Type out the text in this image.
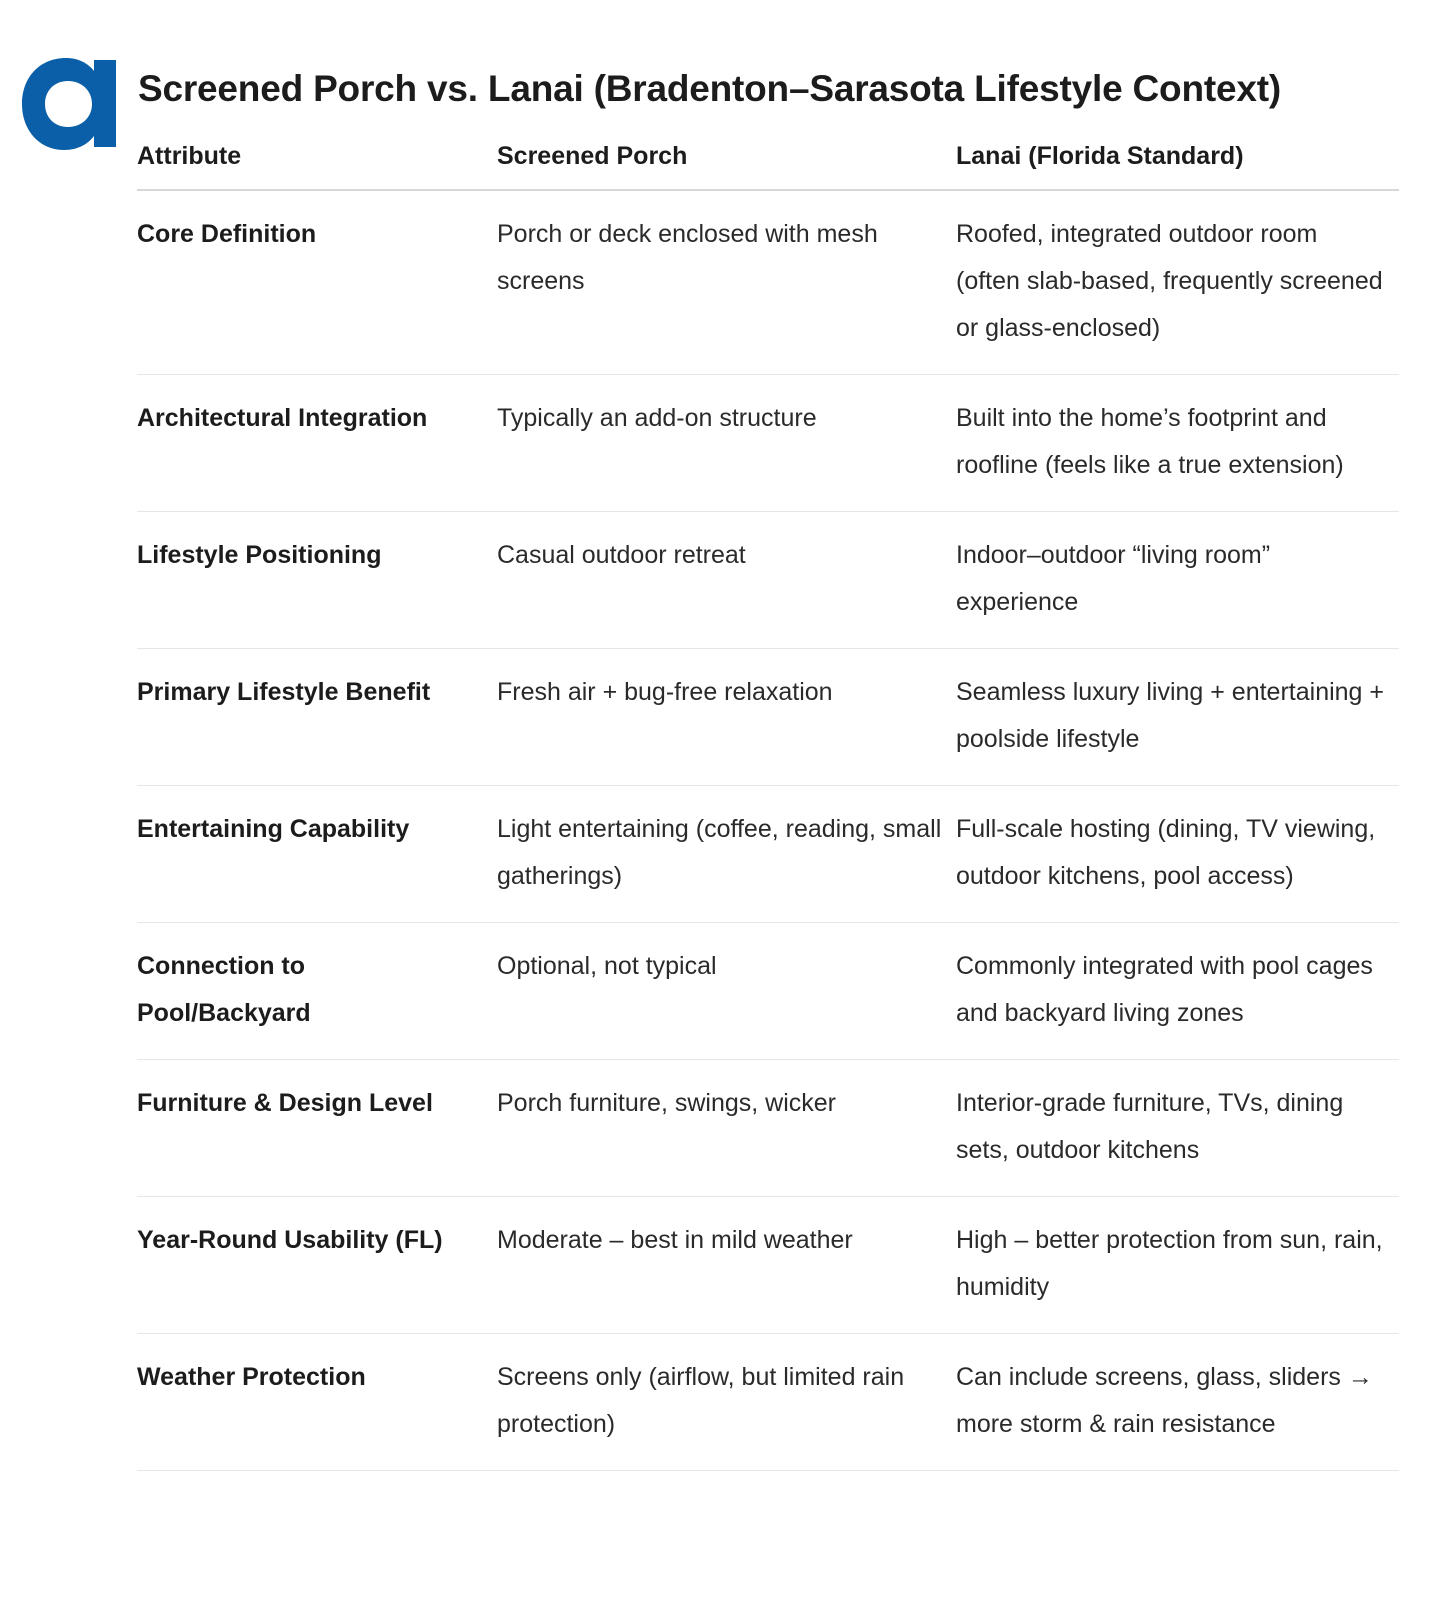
Screened Porch vs. Lanai (Bradenton–Sarasota Lifestyle Context)
Attribute	Screened Porch	Lanai (Florida Standard)

Core Definition	Porch or deck enclosed with mesh screens	Roofed, integrated outdoor room (often slab-based, frequently screened or glass-enclosed)

Architectural Integration	Typically an add-on structure	Built into the home’s footprint and roofline (feels like a true extension)

Lifestyle Positioning	Casual outdoor retreat	Indoor–outdoor “living room” experience

Primary Lifestyle Benefit	Fresh air + bug-free relaxation	Seamless luxury living + entertaining + poolside lifestyle

Entertaining Capability	Light entertaining (coffee, reading, small gatherings)	Full-scale hosting (dining, TV viewing, outdoor kitchens, pool access)

Connection to Pool/Backyard	Optional, not typical	Commonly integrated with pool cages and backyard living zones

Furniture & Design Level	Porch furniture, swings, wicker	Interior-grade furniture, TVs, dining sets, outdoor kitchens

Year-Round Usability (FL)	Moderate – best in mild weather	High – better protection from sun, rain, humidity

Weather Protection	Screens only (airflow, but limited rain protection)	Can include screens, glass, sliders → more storm & rain resistance
